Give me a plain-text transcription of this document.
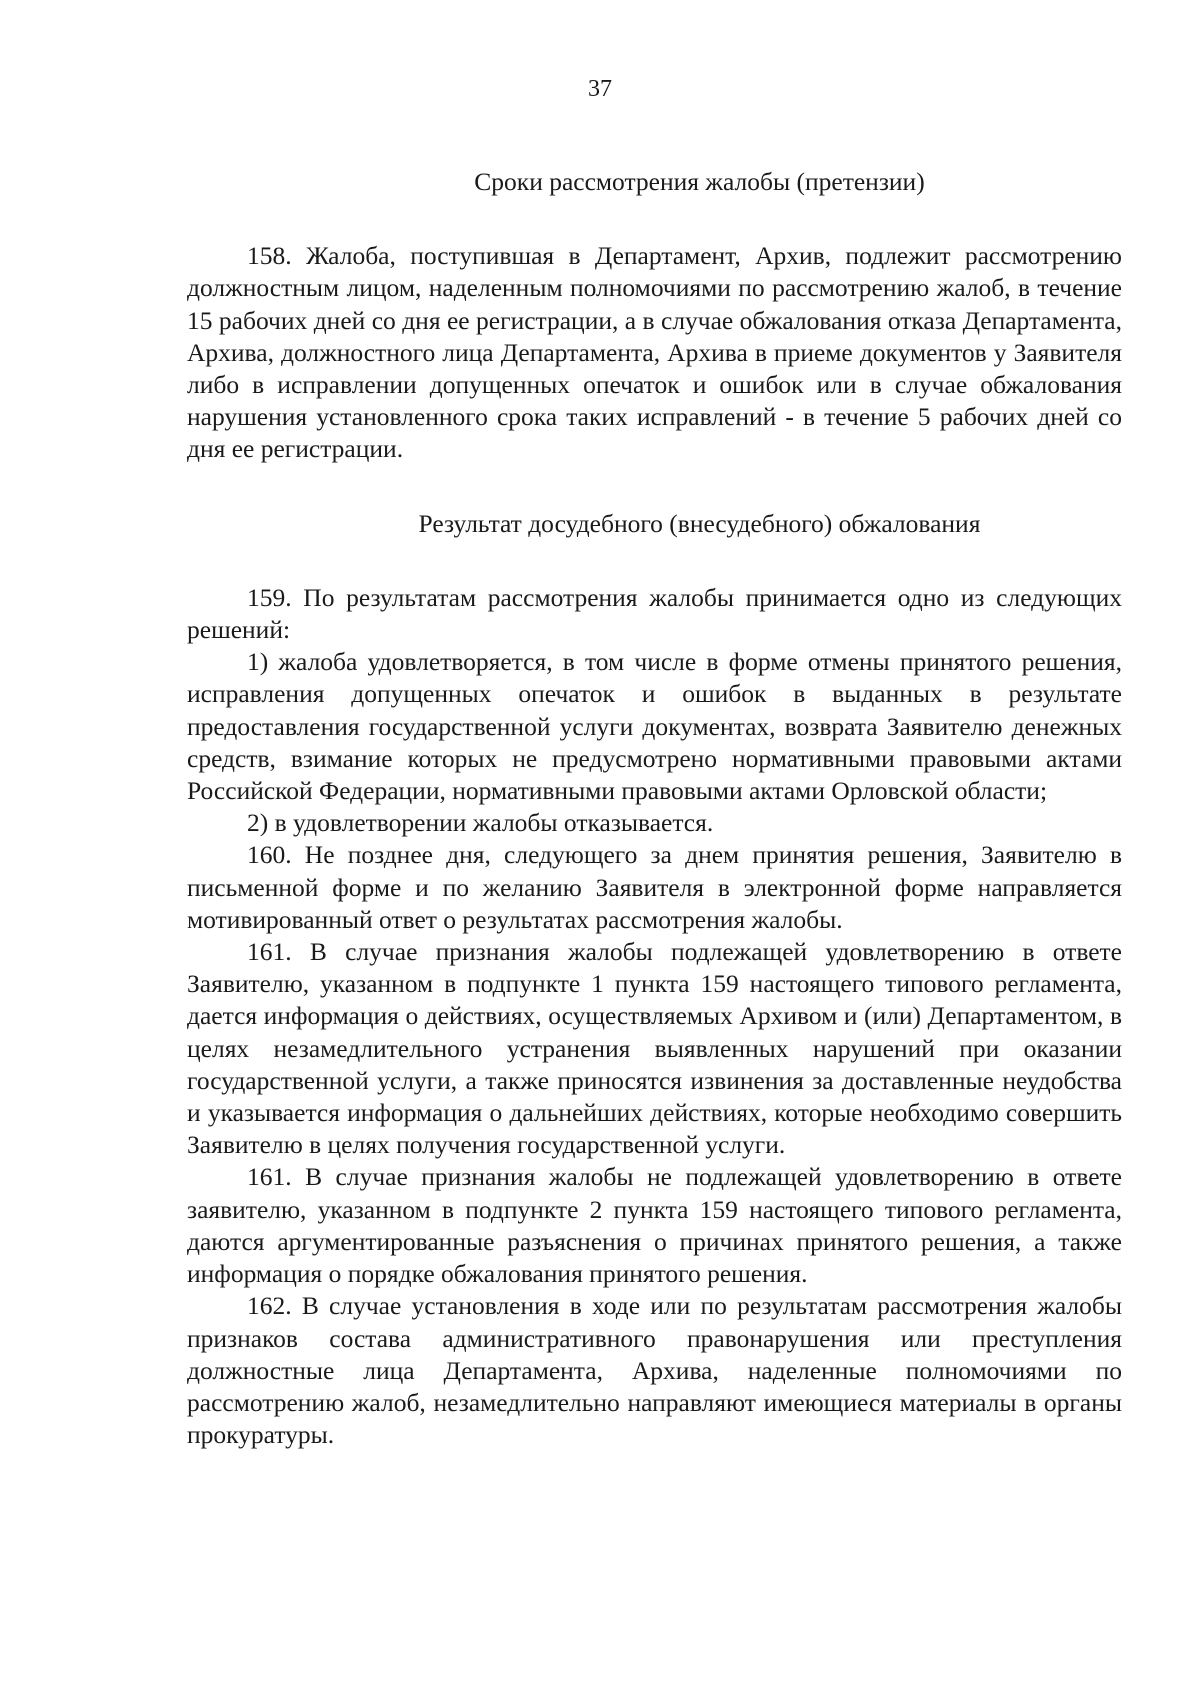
37
Сроки рассмотрения жалобы (претензии)

158. Жалоба, поступившая в Департамент, Архив, подлежит рассмотрению должностным лицом, наделенным полномочиями по рассмотрению жалоб, в течение 15 рабочих дней со дня ее регистрации, а в случае обжалования отказа Департамента, Архива, должностного лица Департамента, Архива в приеме документов у Заявителя либо в исправлении допущенных опечаток и ошибок или в случае обжалования нарушения установленного срока таких исправлений - в течение 5 рабочих дней со дня ее регистрации.

Результат досудебного (внесудебного) обжалования

159. По результатам рассмотрения жалобы принимается одно из следующих решений:

1) жалоба удовлетворяется, в том числе в форме отмены принятого решения, исправления допущенных опечаток и ошибок в выданных в результате предоставления государственной услуги документах, возврата Заявителю денежных средств, взимание которых не предусмотрено нормативными правовыми актами Российской Федерации, нормативными правовыми актами Орловской области;

2) в удовлетворении жалобы отказывается.

160. Не позднее дня, следующего за днем принятия решения, Заявителю в письменной форме и по желанию Заявителя в электронной форме направляется мотивированный ответ о результатах рассмотрения жалобы.

161. В случае признания жалобы подлежащей удовлетворению в ответе Заявителю, указанном в подпункте 1 пункта 159 настоящего типового регламента, дается информация о действиях, осуществляемых Архивом и (или) Департаментом, в целях незамедлительного устранения выявленных нарушений при оказании государственной услуги, а также приносятся извинения за доставленные неудобства и указывается информация о дальнейших действиях, которые необходимо совершить Заявителю в целях получения государственной услуги.

161. В случае признания жалобы не подлежащей удовлетворению в ответе заявителю, указанном в подпункте 2 пункта 159 настоящего типового регламента, даются аргументированные разъяснения о причинах принятого решения, а также информация о порядке обжалования принятого решения.

162. В случае установления в ходе или по результатам рассмотрения жалобы признаков состава административного правонарушения или преступления должностные лица Департамента, Архива, наделенные полномочиями по рассмотрению жалоб, незамедлительно направляют имеющиеся материалы в органы прокуратуры.
